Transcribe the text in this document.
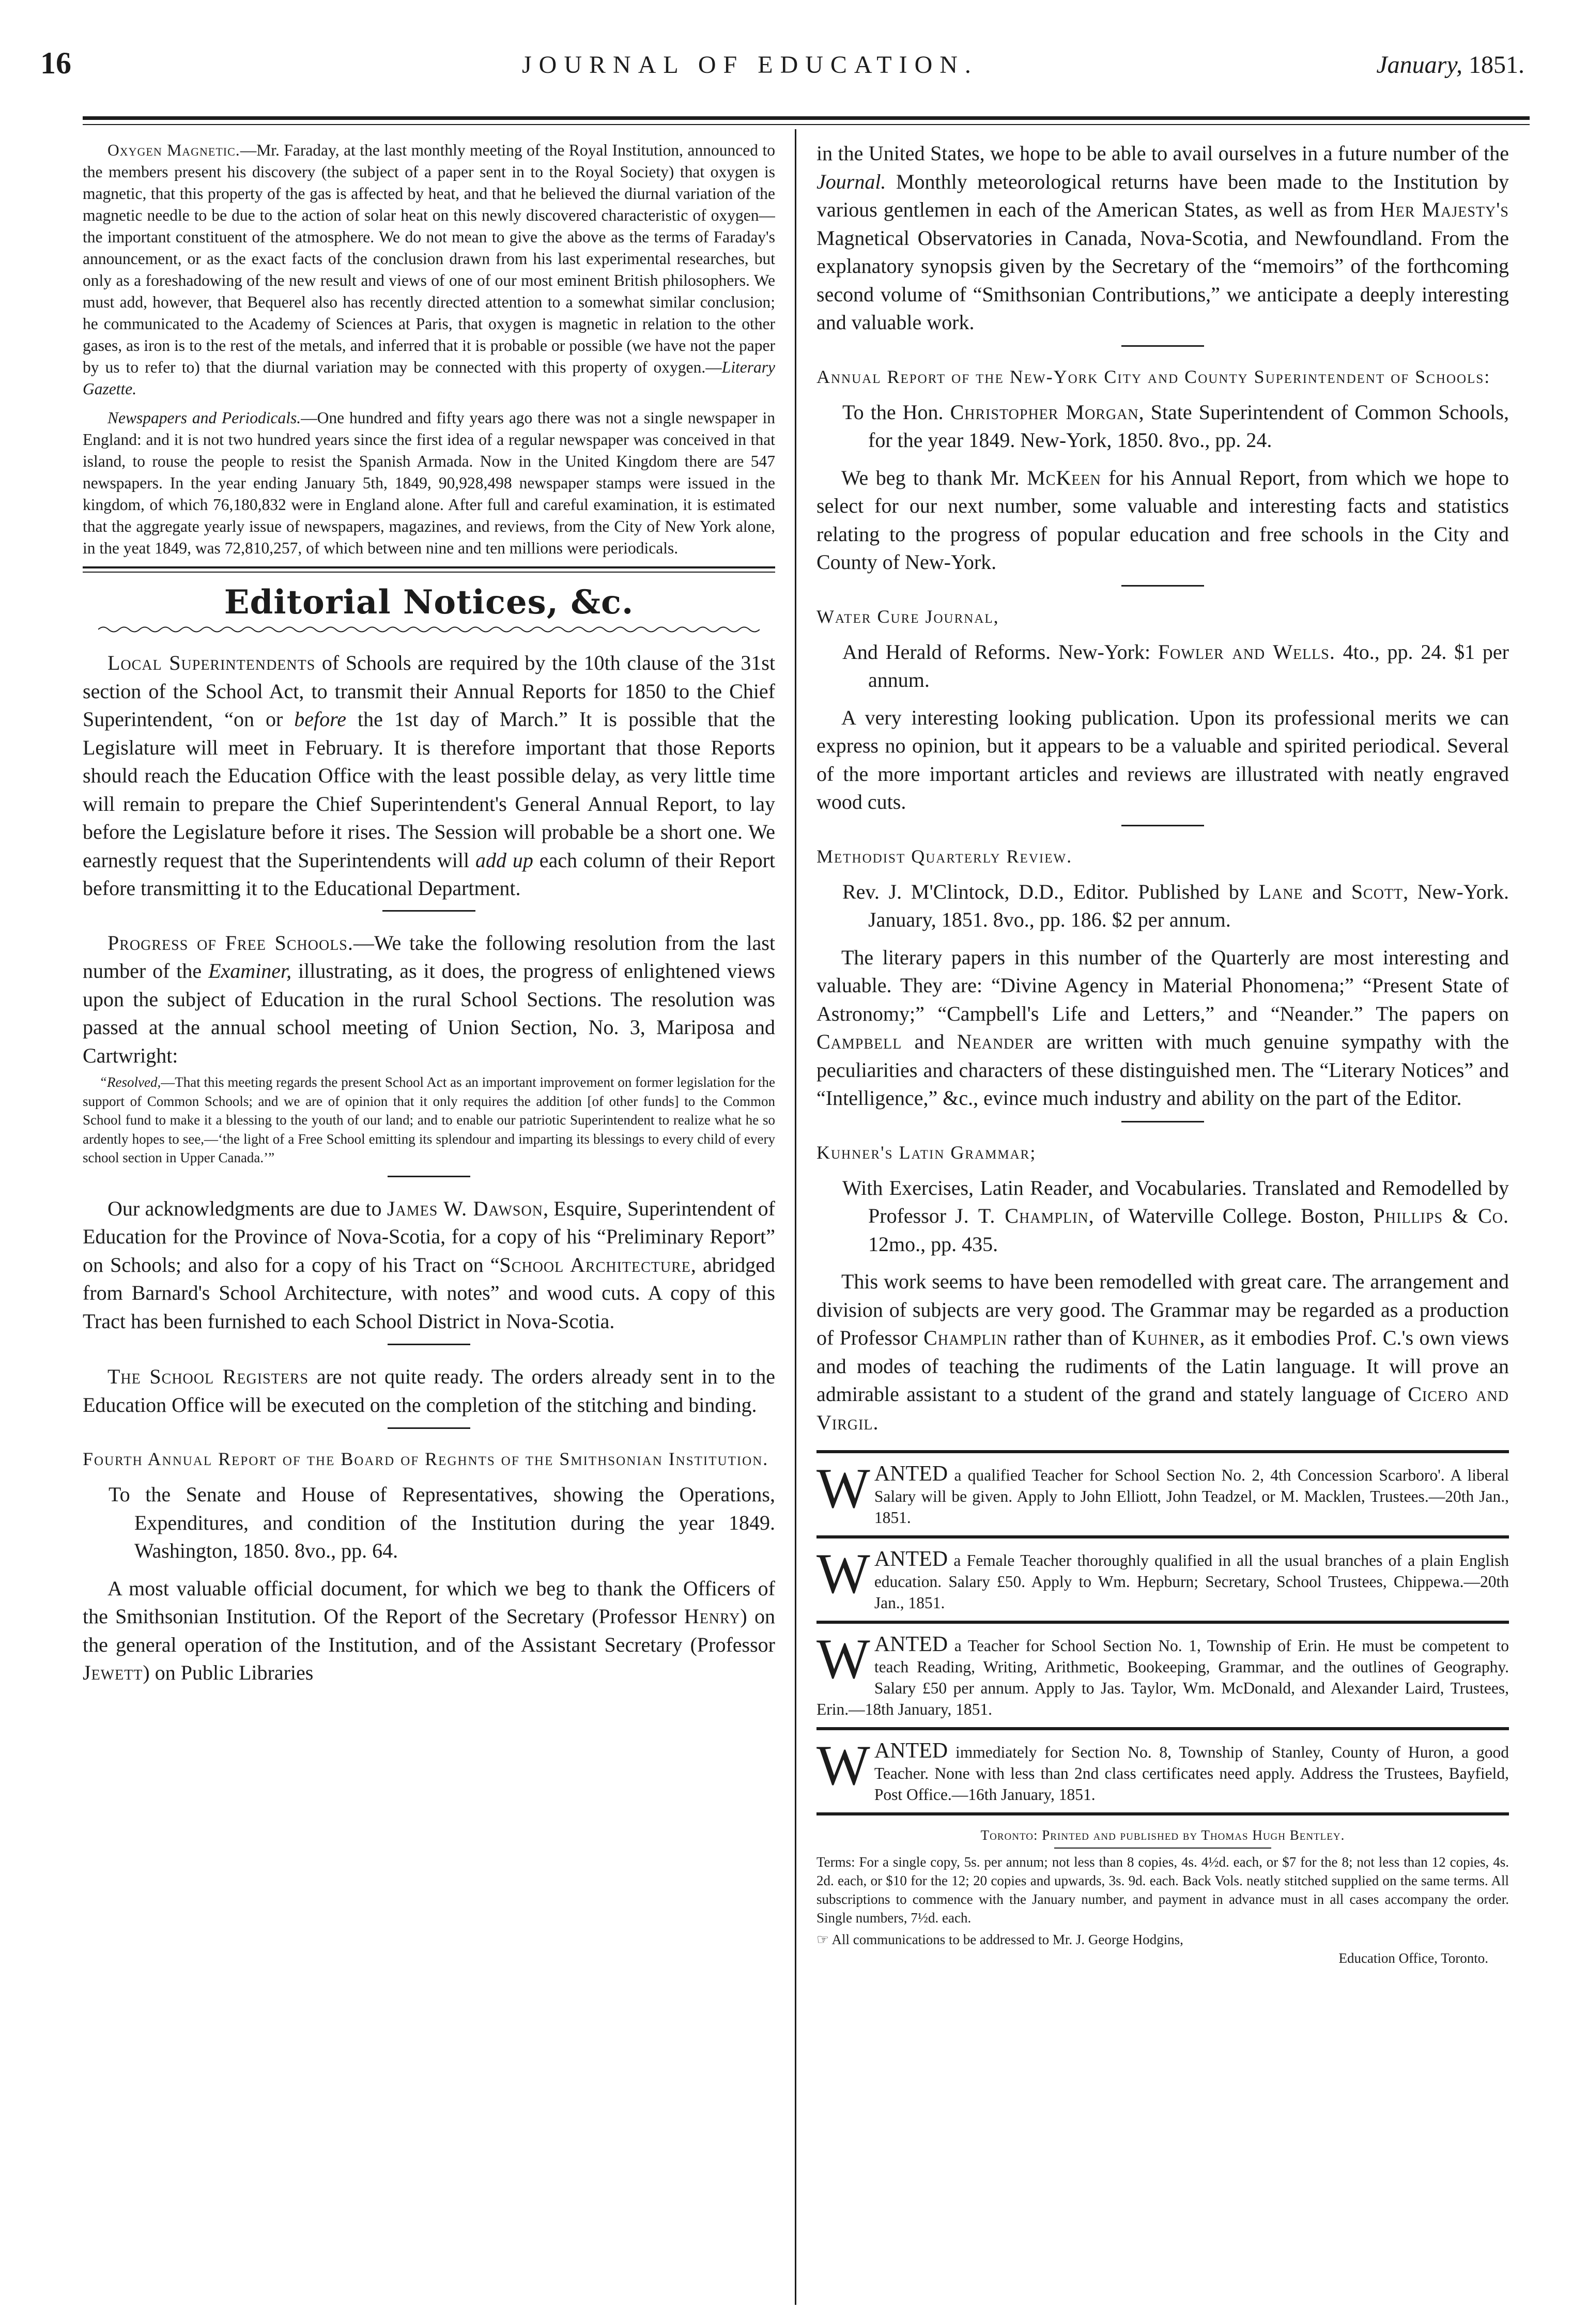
16	JOURNAL OF EDUCATION.	January, 1851.

Oxygen Magnetic.—Mr. Faraday, at the last monthly meeting of the Royal Institution, announced to the members present his discovery (the subject of a paper sent in to the Royal Society) that oxygen is magnetic, that this property of the gas is affected by heat, and that he believed the diurnal variation of the magnetic needle to be due to the action of solar heat on this newly discovered characteristic of oxygen—the important constituent of the atmosphere. We do not mean to give the above as the terms of Faraday's announcement, or as the exact facts of the conclusion drawn from his last experimental researches, but only as a foreshadowing of the new result and views of one of our most eminent British philosophers. We must add, however, that Bequerel also has recently directed attention to a somewhat similar conclusion; he communicated to the Academy of Sciences at Paris, that oxygen is magnetic in relation to the other gases, as iron is to the rest of the metals, and inferred that it is probable or possible (we have not the paper by us to refer to) that the diurnal variation may be connected with this property of oxygen.—Literary Gazette.

Newspapers and Periodicals.—One hundred and fifty years ago there was not a single newspaper in England: and it is not two hundred years since the first idea of a regular newspaper was conceived in that island, to rouse the people to resist the Spanish Armada. Now in the United Kingdom there are 547 newspapers. In the year ending January 5th, 1849, 90,928,498 newspaper stamps were issued in the kingdom, of which 76,180,832 were in England alone. After full and careful examination, it is estimated that the aggregate yearly issue of newspapers, magazines, and reviews, from the City of New York alone, in the yeat 1849, was 72,810,257, of which between nine and ten millions were periodicals.

Editorial Notices, &c.

Local Superintendents of Schools are required by the 10th clause of the 31st section of the School Act, to transmit their Annual Reports for 1850 to the Chief Superintendent, “on or before the 1st day of March.” It is possible that the Legislature will meet in February. It is therefore important that those Reports should reach the Education Office with the least possible delay, as very little time will remain to prepare the Chief Superintendent's General Annual Report, to lay before the Legislature before it rises. The Session will probable be a short one. We earnestly request that the Superintendents will add up each column of their Report before transmitting it to the Educational Department.

Progress of Free Schools.—We take the following resolution from the last number of the Examiner, illustrating, as it does, the progress of enlightened views upon the subject of Education in the rural School Sections. The resolution was passed at the annual school meeting of Union Section, No. 3, Mariposa and Cartwright:

“Resolved,—That this meeting regards the present School Act as an important improvement on former legislation for the support of Common Schools; and we are of opinion that it only requires the addition [of other funds] to the Common School fund to make it a blessing to the youth of our land; and to enable our patriotic Superintendent to realize what he so ardently hopes to see,—‘the light of a Free School emitting its splendour and imparting its blessings to every child of every school section in Upper Canada.’”

Our acknowledgments are due to James W. Dawson, Esquire, Superintendent of Education for the Province of Nova-Scotia, for a copy of his “Preliminary Report” on Schools; and also for a copy of his Tract on “School Architecture, abridged from Barnard's School Architecture, with notes” and wood cuts. A copy of this Tract has been furnished to each School District in Nova-Scotia.

The School Registers are not quite ready. The orders already sent in to the Education Office will be executed on the completion of the stitching and binding.

Fourth Annual Report of the Board of Reghnts of the Smithsonian Institution.

To the Senate and House of Representatives, showing the Operations, Expenditures, and condition of the Institution during the year 1849. Washington, 1850. 8vo., pp. 64.

A most valuable official document, for which we beg to thank the Officers of the Smithsonian Institution. Of the Report of the Secretary (Professor Henry) on the general operation of the Institution, and of the Assistant Secretary (Professor Jewett) on Public Libraries

in the United States, we hope to be able to avail ourselves in a future number of the Journal. Monthly meteorological returns have been made to the Institution by various gentlemen in each of the American States, as well as from Her Majesty's Magnetical Observatories in Canada, Nova-Scotia, and Newfoundland. From the explanatory synopsis given by the Secretary of the “memoirs” of the forthcoming second volume of “Smithsonian Contributions,” we anticipate a deeply interesting and valuable work.

Annual Report of the New-York City and County Superintendent of Schools:

To the Hon. Christopher Morgan, State Superintendent of Common Schools, for the year 1849. New-York, 1850. 8vo., pp. 24.

We beg to thank Mr. McKeen for his Annual Report, from which we hope to select for our next number, some valuable and interesting facts and statistics relating to the progress of popular education and free schools in the City and County of New-York.

Water Cure Journal,

And Herald of Reforms. New-York: Fowler and Wells. 4to., pp. 24. $1 per annum.

A very interesting looking publication. Upon its professional merits we can express no opinion, but it appears to be a valuable and spirited periodical. Several of the more important articles and reviews are illustrated with neatly engraved wood cuts.

Methodist Quarterly Review.

Rev. J. M'Clintock, D.D., Editor. Published by Lane and Scott, New-York. January, 1851. 8vo., pp. 186. $2 per annum.

The literary papers in this number of the Quarterly are most interesting and valuable. They are: “Divine Agency in Material Phonomena;” “Present State of Astronomy;” “Campbell's Life and Letters,” and “Neander.” The papers on Campbell and Neander are written with much genuine sympathy with the peculiarities and characters of these distinguished men. The “Literary Notices” and “Intelligence,” &c., evince much industry and ability on the part of the Editor.

Kuhner's Latin Grammar;

With Exercises, Latin Reader, and Vocabularies. Translated and Remodelled by Professor J. T. Champlin, of Waterville College. Boston, Phillips & Co. 12mo., pp. 435.

This work seems to have been remodelled with great care. The arrangement and division of subjects are very good. The Grammar may be regarded as a production of Professor Champlin rather than of Kuhner, as it embodies Prof. C.'s own views and modes of teaching the rudiments of the Latin language. It will prove an admirable assistant to a student of the grand and stately language of Cicero and Virgil.

WANTED a qualified Teacher for School Section No. 2, 4th Concession Scarboro'. A liberal Salary will be given. Apply to John Elliott, John Teadzel, or M. Macklen, Trustees.—20th Jan., 1851.
WANTED a Female Teacher thoroughly qualified in all the usual branches of a plain English education. Salary £50. Apply to Wm. Hepburn; Secretary, School Trustees, Chippewa.—20th Jan., 1851.
WANTED a Teacher for School Section No. 1, Township of Erin. He must be competent to teach Reading, Writing, Arithmetic, Bookeeping, Grammar, and the outlines of Geography. Salary £50 per annum. Apply to Jas. Taylor, Wm. McDonald, and Alexander Laird, Trustees, Erin.—18th January, 1851.
WANTED immediately for Section No. 8, Township of Stanley, County of Huron, a good Teacher. None with less than 2nd class certificates need apply. Address the Trustees, Bayfield, Post Office.—16th January, 1851.

Toronto: Printed and published by Thomas Hugh Bentley.

Terms: For a single copy, 5s. per annum; not less than 8 copies, 4s. 4½d. each, or $7 for the 8; not less than 12 copies, 4s. 2d. each, or $10 for the 12; 20 copies and upwards, 3s. 9d. each. Back Vols. neatly stitched supplied on the same terms. All subscriptions to commence with the January number, and payment in advance must in all cases accompany the order. Single numbers, 7½d. each.

☞ All communications to be addressed to Mr. J. George Hodgins,

Education Office, Toronto.
